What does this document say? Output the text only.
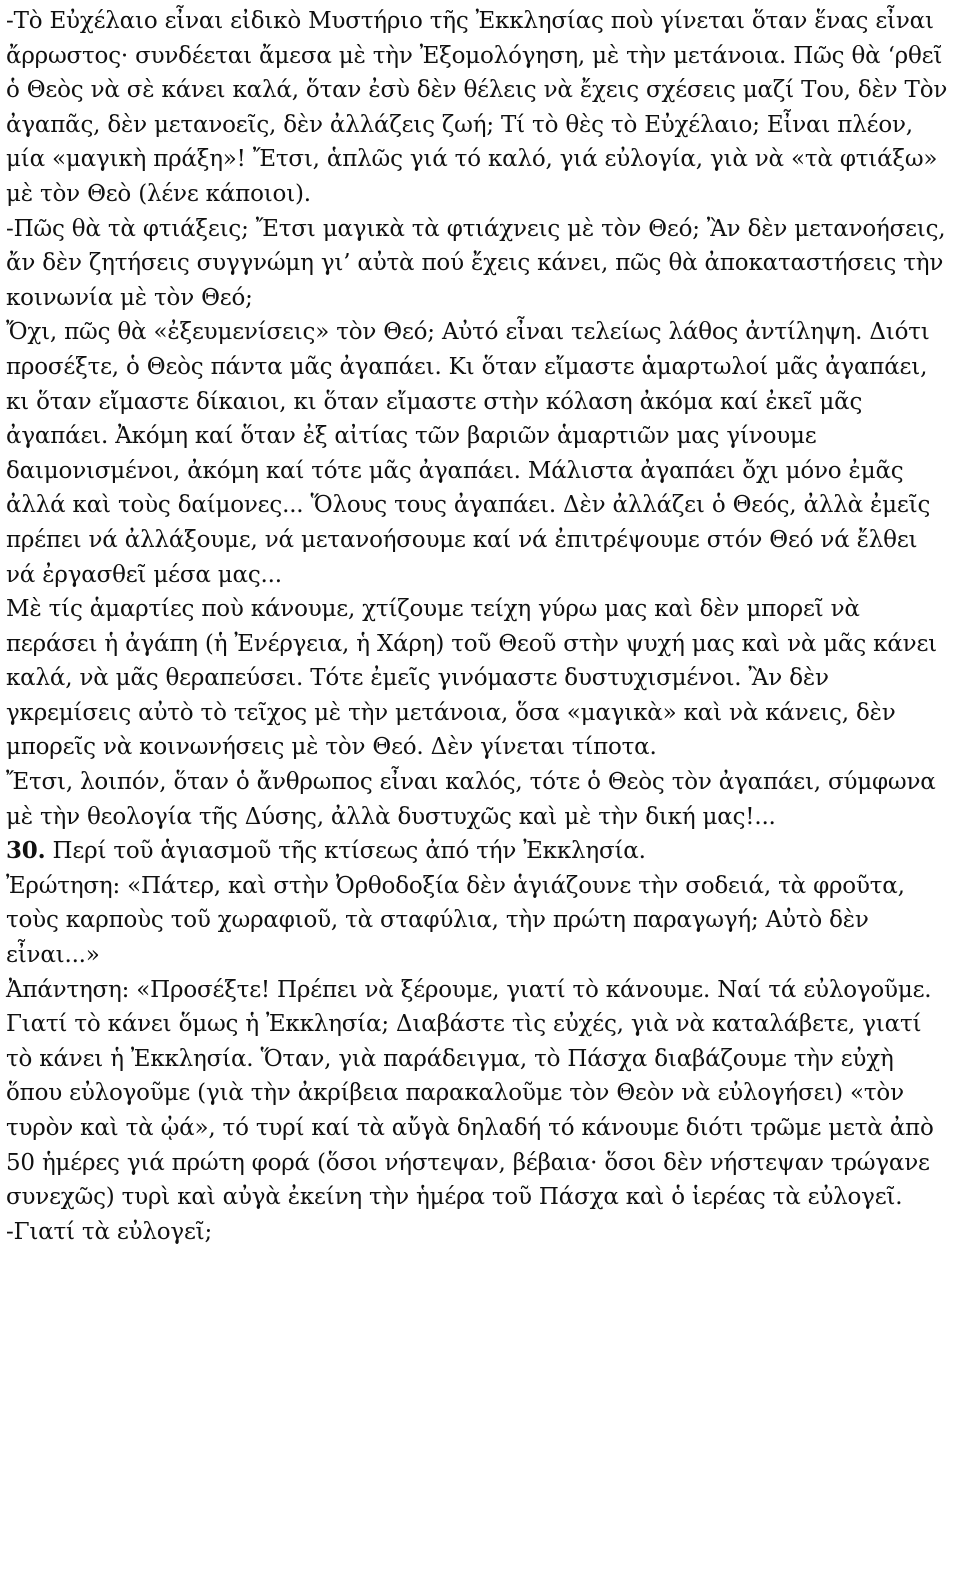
-Τὸ Εὐχέλαιο εἶναι εἰδικὸ Μυστήριο τῆς Ἐκκλησίας ποὺ γίνεται ὅταν ἕνας εἶναι ἄρρωστος· συνδέεται ἄμεσα μὲ τὴν Ἐξομολόγηση, μὲ τὴν μετάνοια. Πῶς θὰ ‘ρθεῖ ὁ Θεὸς νὰ σὲ κάνει καλά, ὅταν ἐσὺ δὲν θέλεις νὰ ἔχεις σχέσεις μαζί Του, δὲν Τὸν ἀγαπᾶς, δὲν μετανοεῖς, δὲν ἀλλάζεις ζωή; Τί τὸ θὲς τὸ Εὐχέλαιο; Εἶναι πλέον, μία «μαγικὴ πράξη»! Ἔτσι, ἁπλῶς γιά τό καλό, γιά εὐλογία, γιὰ νὰ «τὰ φτιάξω» μὲ τὸν Θεὸ (λένε κάποιοι).

-Πῶς θὰ τὰ φτιάξεις; Ἔτσι μαγικὰ τὰ φτιάχνεις μὲ τὸν Θεό; Ἂν δὲν μετανοήσεις, ἄν δὲν ζητήσεις συγγνώμη γι’ αὐτὰ πού ἔχεις κάνει, πῶς θὰ ἀποκαταστήσεις τὴν κοινωνία μὲ τὸν Θεό;

Ὄχι, πῶς θὰ «ἐξευμενίσεις» τὸν Θεό; Αὐτό εἶναι τελείως λάθος ἀντίληψη. Διότι προσέξτε, ὁ Θεὸς πάντα μᾶς ἀγαπάει. Κι ὅταν εἴμαστε ἁμαρτωλοί μᾶς ἀγαπάει, κι ὅταν εἴμαστε δίκαιοι, κι ὅταν εἴμαστε στὴν κόλαση ἀκόμα καί ἐκεῖ μᾶς ἀγαπάει. Ἀκόμη καί ὅταν ἐξ αἰτίας τῶν βαριῶν ἁμαρτιῶν μας γίνουμε δαιμονισμένοι, ἀκόμη καί τότε μᾶς ἀγαπάει. Μάλιστα ἀγαπάει ὄχι μόνο ἐμᾶς ἀλλά καὶ τοὺς δαίμονες... Ὅλους τους ἀγαπάει. Δὲν ἀλλάζει ὁ Θεός, ἀλλὰ ἐμεῖς πρέπει νά ἀλλάξουμε, νά μετανοήσουμε καί νά ἐπιτρέψουμε στόν Θεό νά ἔλθει νά ἐργασθεῖ μέσα μας...

Μὲ τίς ἁμαρτίες ποὺ κάνουμε, χτίζουμε τείχη γύρω μας καὶ δὲν μπορεῖ νὰ περάσει ἡ ἀγάπη (ἡ Ἐνέργεια, ἡ Χάρη) τοῦ Θεοῦ στὴν ψυχή μας καὶ νὰ μᾶς κάνει καλά, νὰ μᾶς θεραπεύσει. Τότε ἐμεῖς γινόμαστε δυστυχισμένοι. Ἂν δὲν γκρεμίσεις αὐτὸ τὸ τεῖχος μὲ τὴν μετάνοια, ὅσα «μαγικὰ» καὶ νὰ κάνεις, δὲν μπορεῖς νὰ κοινωνήσεις μὲ τὸν Θεό. Δὲν γίνεται τίποτα.

Ἔτσι, λοιπόν, ὅταν ὁ ἄνθρωπος εἶναι καλός, τότε ὁ Θεὸς τὸν ἀγαπάει, σύμφωνα μὲ τὴν θεολογία τῆς Δύσης, ἀλλὰ δυστυχῶς καὶ μὲ τὴν δική μας!...

30. Περί τοῦ ἁγιασμοῦ τῆς κτίσεως ἀπό τήν Ἐκκλησία.

Ἐρώτηση: «Πάτερ, καὶ στὴν Ὀρθοδοξία δὲν ἁγιάζουνε τὴν σοδειά, τὰ φροῦτα, τοὺς καρποὺς τοῦ χωραφιοῦ, τὰ σταφύλια, τὴν πρώτη παραγωγή; Αὐτὸ δὲν εἶναι...»

Ἀπάντηση: «Προσέξτε! Πρέπει νὰ ξέρουμε, γιατί τὸ κάνουμε. Ναί τά εὐλογοῦμε. Γιατί τὸ κάνει ὅμως ἡ Ἐκκλησία; Διαβάστε τὶς εὐχές, γιὰ νὰ καταλάβετε, γιατί τὸ κάνει ἡ Ἐκκλησία. Ὅταν, γιὰ παράδειγμα, τὸ Πάσχα διαβάζουμε τὴν εὐχὴ ὅπου εὐλογοῦμε (γιὰ τὴν ἀκρίβεια παρακαλοῦμε τὸν Θεὸν νὰ εὐλογήσει) «τὸν τυρὸν καὶ τὰ ᾠά», τό τυρί καί τὰ αὔγὰ δηλαδή τό κάνουμε διότι τρῶμε μετὰ ἀπὸ 50 ἡμέρες γιά πρώτη φορά (ὅσοι νήστεψαν, βέβαια· ὅσοι δὲν νήστεψαν τρώγανε συνεχῶς) τυρὶ καὶ αὐγὰ ἐκείνη τὴν ἡμέρα τοῦ Πάσχα καὶ ὁ ἱερέας τὰ εὐλογεῖ.

-Γιατί τὰ εὐλογεῖ;
